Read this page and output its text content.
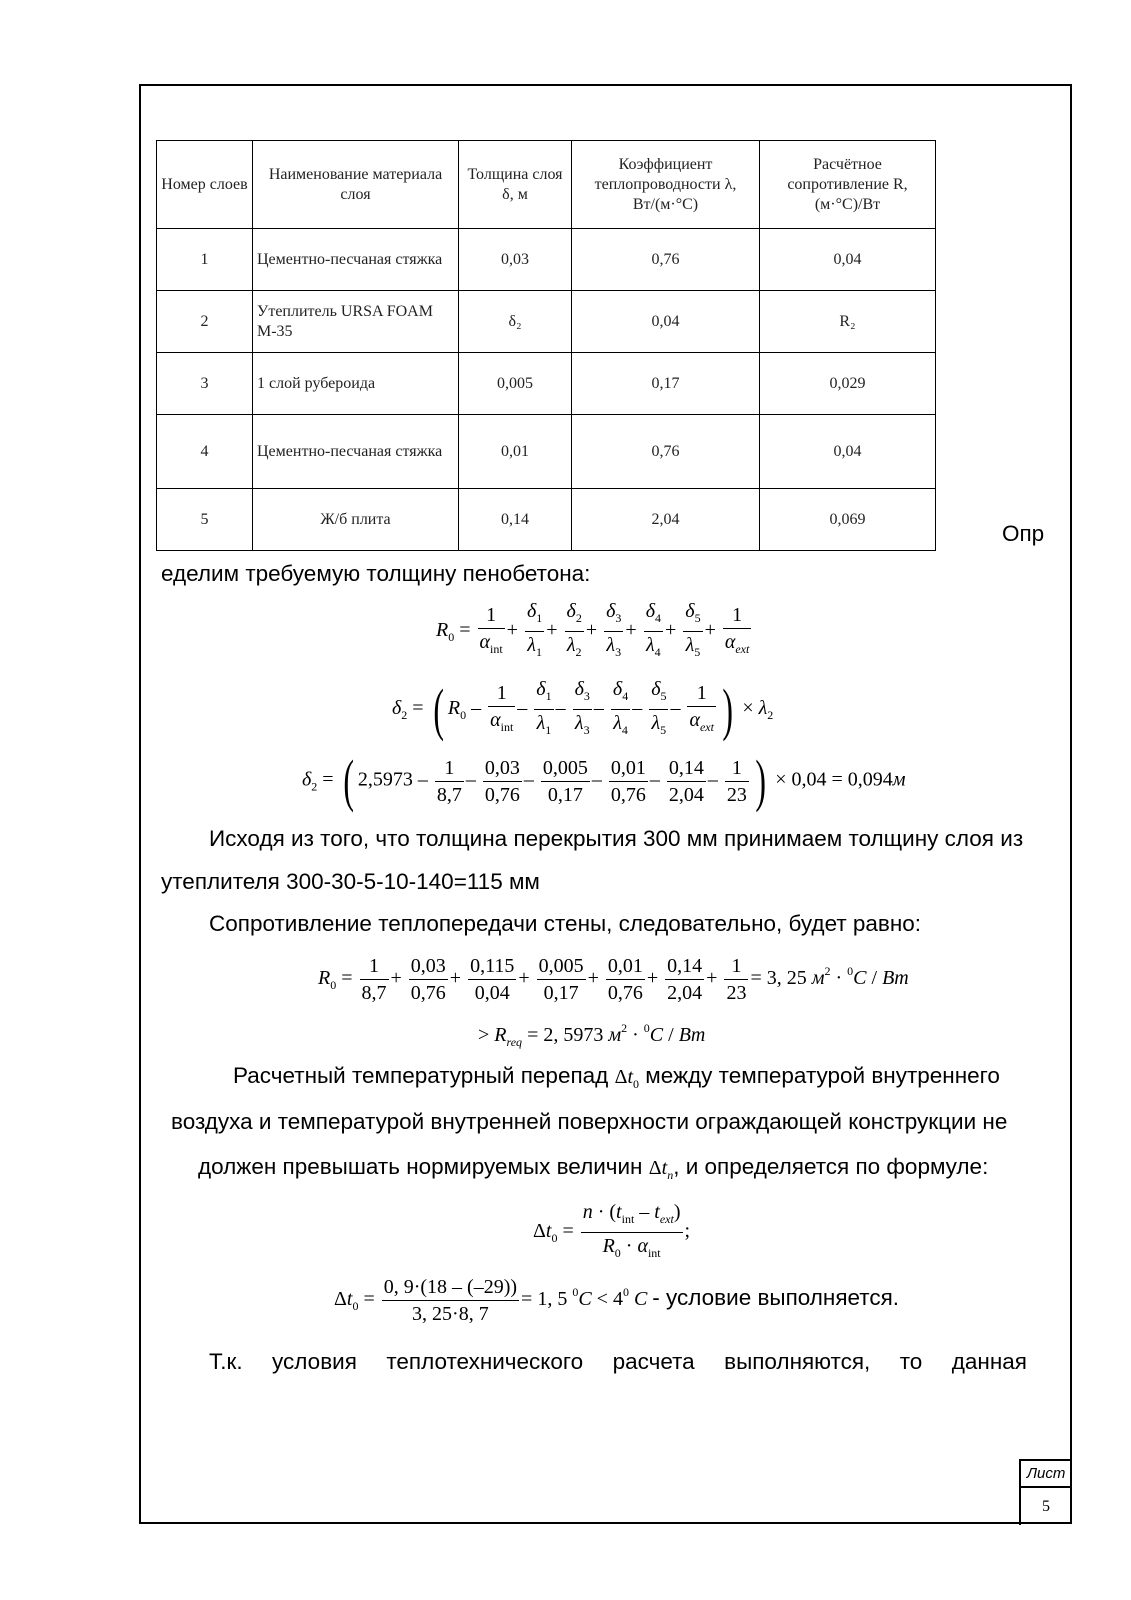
Номер слоев	Наименование материала слоя	Толщина слоя δ, м	Коэффициент теплопроводности λ, Вт/(м·°С)	Расчётное сопротивление R, (м·°С)/Вт
1	Цементно-песчаная стяжка	0,03	0,76	0,04
2	Утеплитель URSA FOAM М-35	δ₂	0,04	R₂
3	1 слой рубероида	0,005	0,17	0,029
4	Цементно-песчаная стяжка	0,01	0,76	0,04
5	Ж/б плита	0,14	2,04	0,069
Опр
еделим требуемую толщину пенобетона:
$R_0 = \frac{1}{\alpha_{int}} + \frac{\delta_1}{\lambda_1} + \frac{\delta_2}{\lambda_2} + \frac{\delta_3}{\lambda_3} + \frac{\delta_4}{\lambda_4} + \frac{\delta_5}{\lambda_5} + \frac{1}{\alpha_{ext}}$
$\delta_2$ = ( $R_0 - \frac{1}{\alpha_{int}} - \frac{\delta_1}{\lambda_1} - \frac{\delta_3}{\lambda_3} - \frac{\delta_4}{\lambda_4} - \frac{\delta_5}{\lambda_5} - \frac{1}{\alpha_{ext}}$ ) × $\lambda_2$
$\delta_2$ = ( $2,5973 - \frac{1}{8,7} - \frac{0,03}{0,76} - \frac{0,005}{0,17} - \frac{0,01}{0,76} - \frac{0,14}{2,04} - \frac{1}{23}$ ) × 0,04 = 0,094м
Исходя из того, что толщина перекрытия 300 мм принимаем толщину слоя из
утеплителя 300-30-5-10-140=115 мм
Сопротивление теплопередачи стены, следовательно, будет равно:
$R_0 = \frac{1}{8,7} + \frac{0,03}{0,76} + \frac{0,115}{0,04} + \frac{0,005}{0,17} + \frac{0,01}{0,76} + \frac{0,14}{2,04} + \frac{1}{23} = 3$, 25 $м^2 \cdot ^0C / Bm$
> $R_{req} = 2$, 5973 $м^2 \cdot ^0C / Bm$
Расчетный температурный перепад $\Delta t_0$ между температурой внутреннего
воздуха и температурой внутренней поверхности ограждающей конструкции не
должен превышать нормируемых величин $\Delta t_n$, и определяется по формуле:
$\Delta t_0 = \frac{n \cdot (t_{int} - t_{ext})}{R_0 \cdot \alpha_{int}}$ ;
$\Delta t_0 = \frac{0, 9\cdot(18 - (-29))}{3, 25\cdot 8, 7} = 1$, 5 $^0C < 4^0$ C - условие выполняется.
Т.к. условия теплотехнического расчета выполняются, то данная
Лист
5
